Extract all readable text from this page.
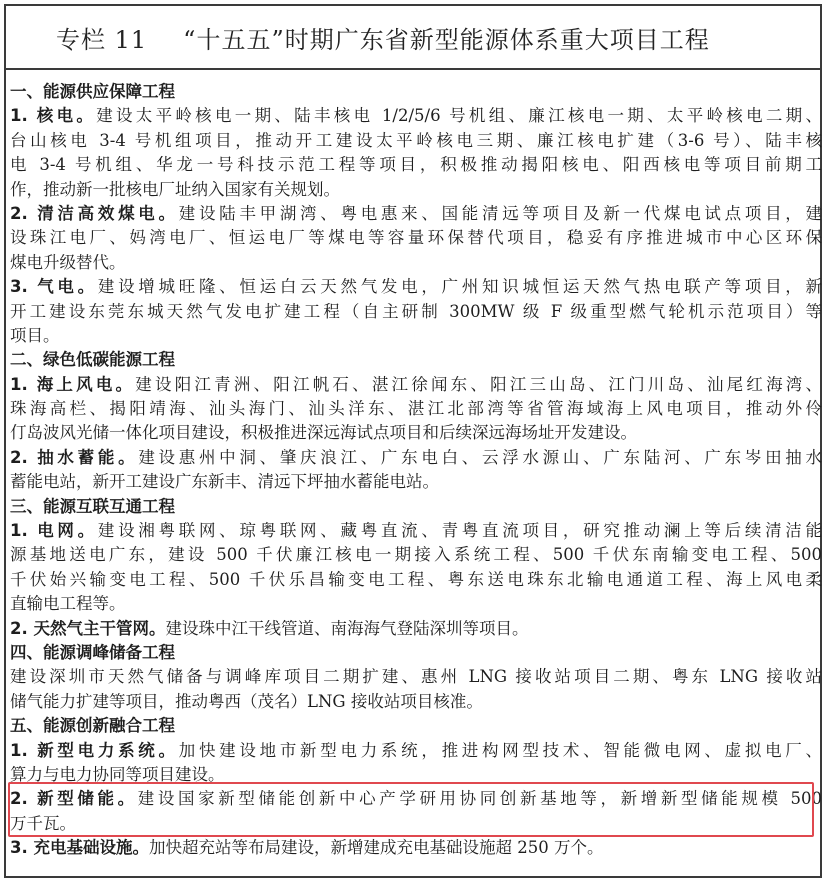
专栏 11 “十五五”时期广东省新型能源体系重大项目工程
一、能源供应保障工程
1. 核电。建设太平岭核电一期、陆丰核电 1/2/5/6 号机组、廉江核电一期、太平岭核电二期、
台山核电 3-4 号机组项目，推动开工建设太平岭核电三期、廉江核电扩建（3-6 号）、陆丰核
电 3-4 号机组、华龙一号科技示范工程等项目，积极推动揭阳核电、阳西核电等项目前期工
作，推动新一批核电厂址纳入国家有关规划。
2. 清洁高效煤电。建设陆丰甲湖湾、粤电惠来、国能清远等项目及新一代煤电试点项目，建
设珠江电厂、妈湾电厂、恒运电厂等煤电等容量环保替代项目，稳妥有序推进城市中心区环保
煤电升级替代。
3. 气电。建设增城旺隆、恒运白云天然气发电，广州知识城恒运天然气热电联产等项目，新
开工建设东莞东城天然气发电扩建工程（自主研制 300MW 级 F 级重型燃气轮机示范项目）等
项目。
二、绿色低碳能源工程
1. 海上风电。建设阳江青洲、阳江帆石、湛江徐闻东、阳江三山岛、江门川岛、汕尾红海湾、
珠海高栏、揭阳靖海、汕头海门、汕头洋东、湛江北部湾等省管海域海上风电项目，推动外伶
仃岛波风光储一体化项目建设，积极推进深远海试点项目和后续深远海场址开发建设。
2. 抽水蓄能。建设惠州中洞、肇庆浪江、广东电白、云浮水源山、广东陆河、广东岑田抽水
蓄能电站，新开工建设广东新丰、清远下坪抽水蓄能电站。
三、能源互联互通工程
1. 电网。建设湘粤联网、琼粤联网、藏粤直流、青粤直流项目，研究推动澜上等后续清洁能
源基地送电广东，建设 500 千伏廉江核电一期接入系统工程、500 千伏东南输变电工程、500
千伏始兴输变电工程、500 千伏乐昌输变电工程、粤东送电珠东北输电通道工程、海上风电柔
直输电工程等。
2. 天然气主干管网。建设珠中江干线管道、南海海气登陆深圳等项目。
四、能源调峰储备工程
建设深圳市天然气储备与调峰库项目二期扩建、惠州 LNG 接收站项目二期、粤东 LNG 接收站
储气能力扩建等项目，推动粤西（茂名）LNG 接收站项目核准。
五、能源创新融合工程
1. 新型电力系统。加快建设地市新型电力系统，推进构网型技术、智能微电网、虚拟电厂、
算力与电力协同等项目建设。
2. 新型储能。建设国家新型储能创新中心产学研用协同创新基地等，新增新型储能规模 500
万千瓦。
3. 充电基础设施。加快超充站等布局建设，新增建成充电基础设施超 250 万个。
